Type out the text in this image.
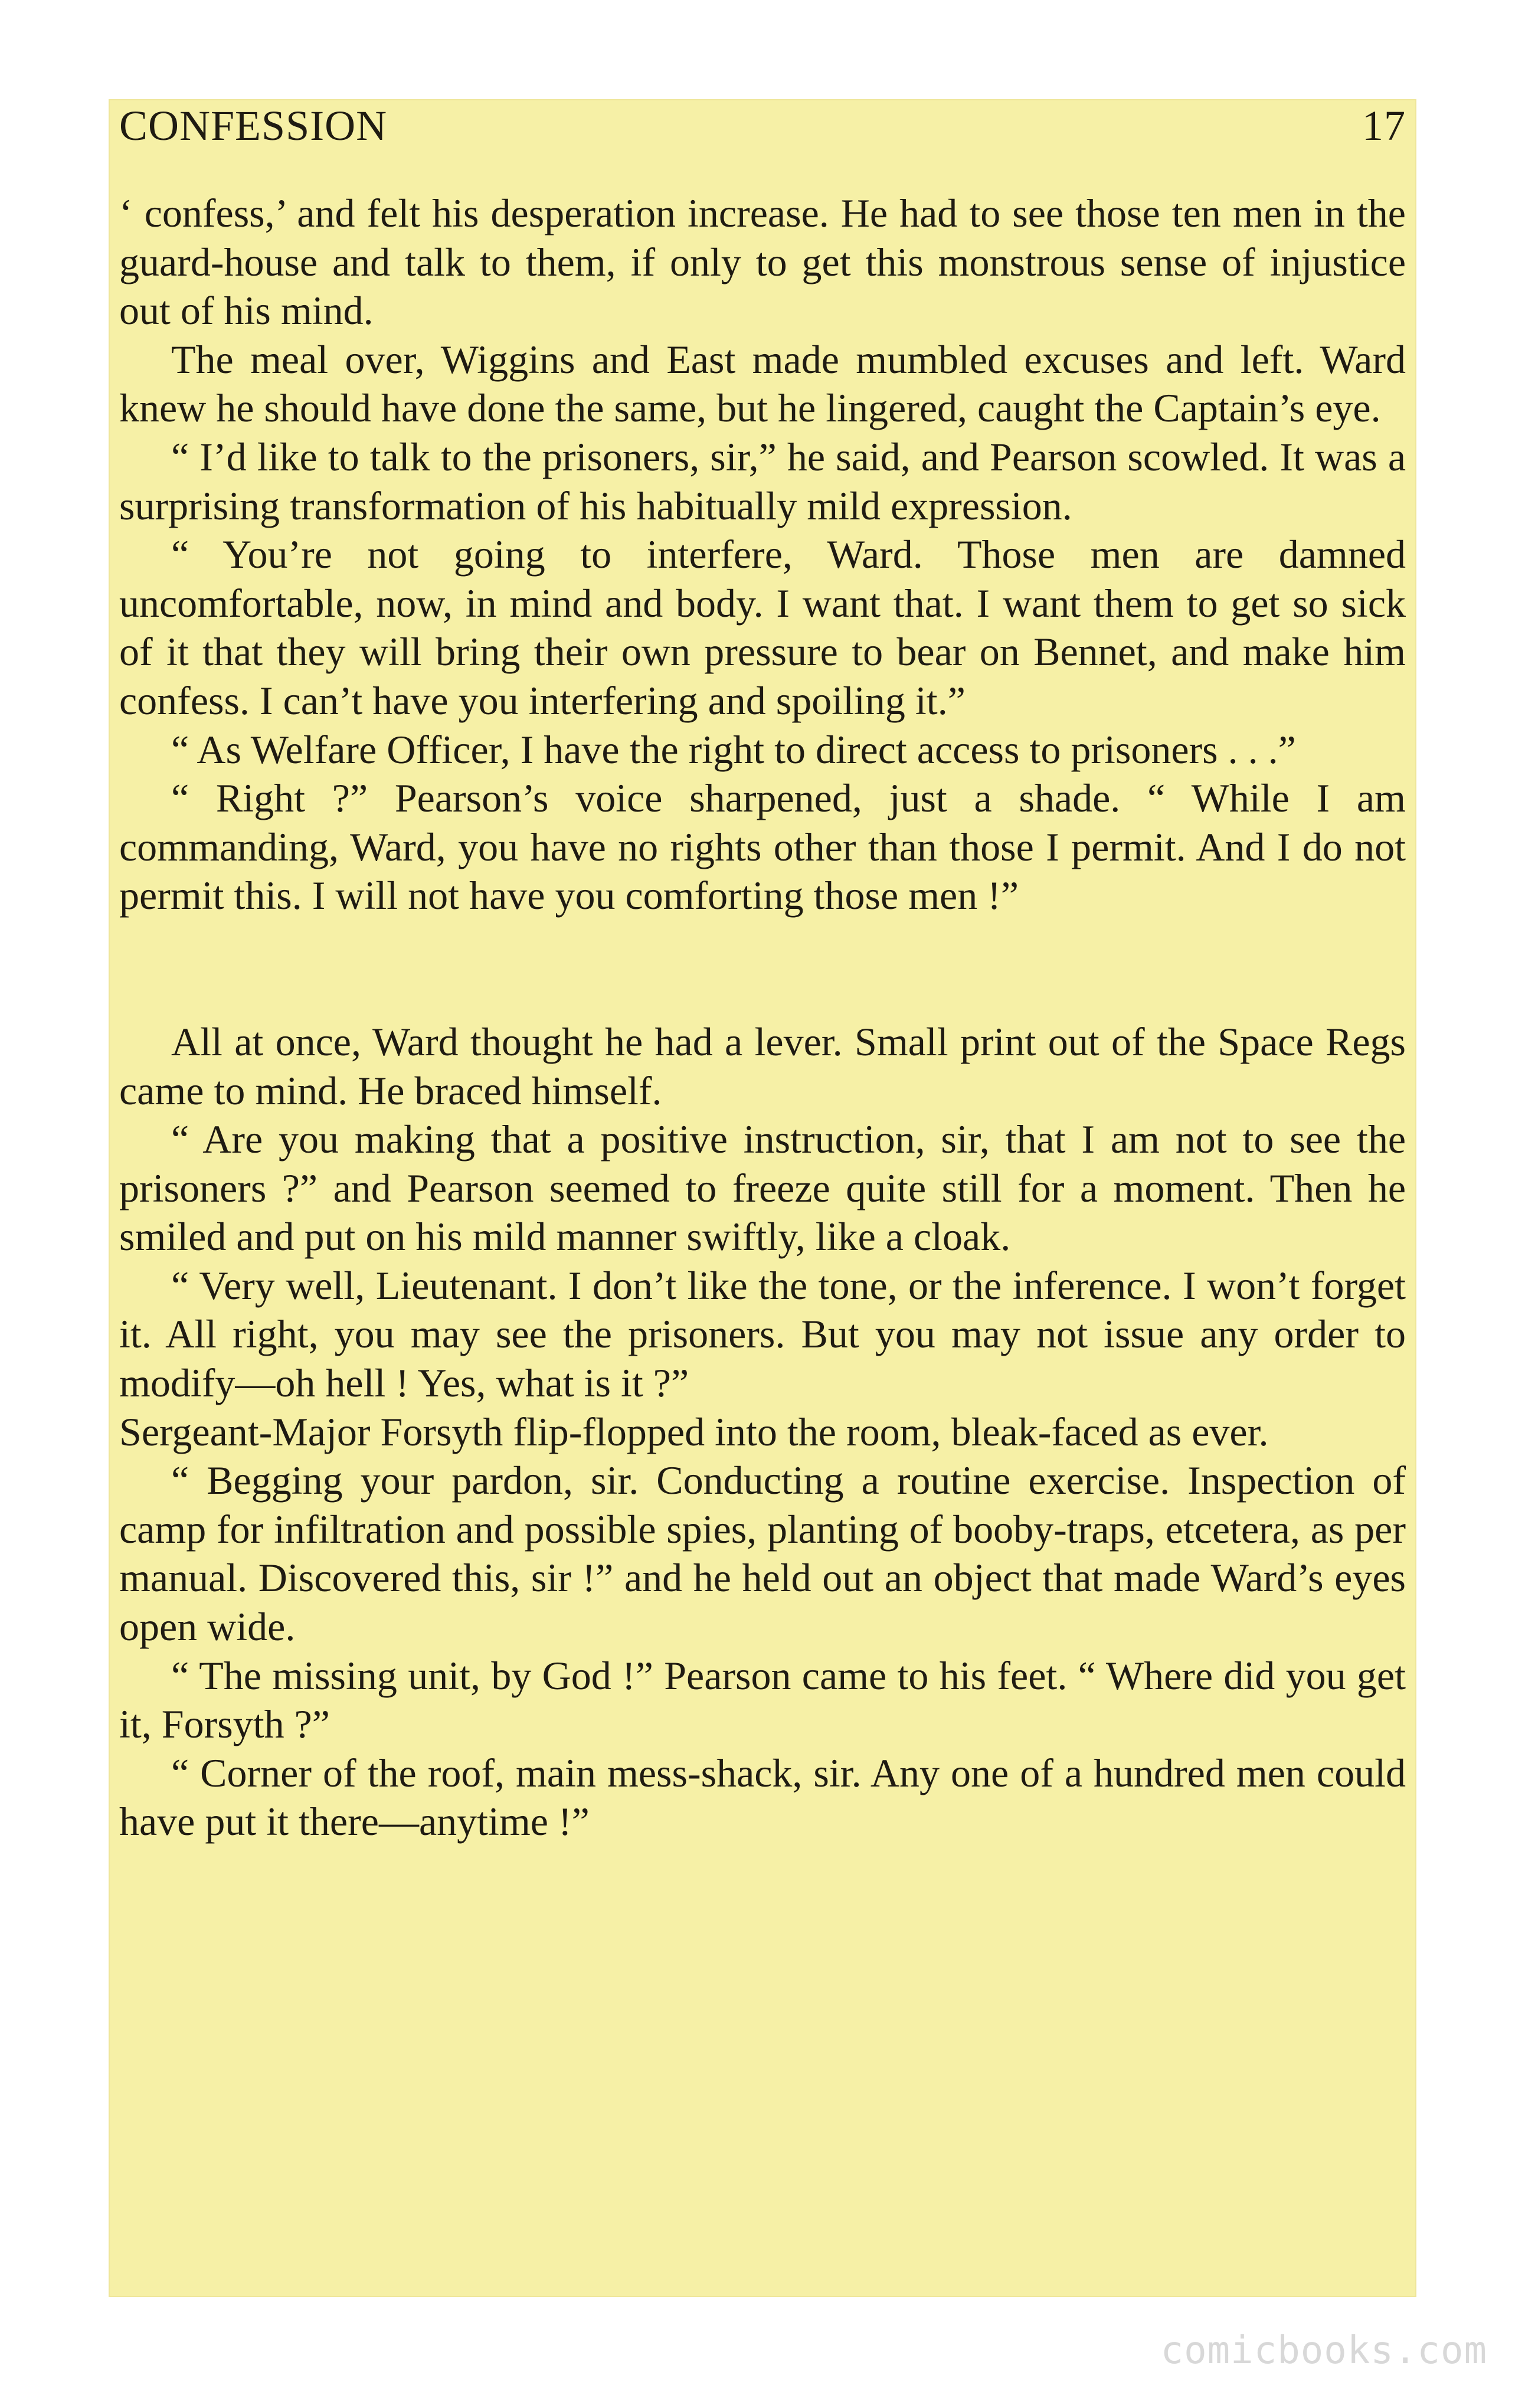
CONFESSION	17

‘ confess,’ and felt his desperation increase. He had to see those ten men in the guard-house and talk to them, if only to get this monstrous sense of injustice out of his mind.

The meal over, Wiggins and East made mumbled excuses and left. Ward knew he should have done the same, but he lingered, caught the Captain’s eye.

“ I’d like to talk to the prisoners, sir,” he said, and Pearson scowled. It was a surprising transformation of his habitually mild expression.

“ You’re not going to interfere, Ward. Those men are damned uncomfortable, now, in mind and body. I want that. I want them to get so sick of it that they will bring their own pressure to bear on Bennet, and make him confess. I can’t have you interfering and spoiling it.”

“ As Welfare Officer, I have the right to direct access to prisoners . . .”

“ Right ?” Pearson’s voice sharpened, just a shade. “ While I am commanding, Ward, you have no rights other than those I permit. And I do not permit this. I will not have you comforting those men !”

All at once, Ward thought he had a lever. Small print out of the Space Regs came to mind. He braced himself.

“ Are you making that a positive instruction, sir, that I am not to see the prisoners ?” and Pearson seemed to freeze quite still for a moment. Then he smiled and put on his mild manner swiftly, like a cloak.

“ Very well, Lieutenant. I don’t like the tone, or the inference. I won’t forget it. All right, you may see the prisoners. But you may not issue any order to modify—oh hell ! Yes, what is it ?”

Sergeant-Major Forsyth flip-flopped into the room, bleak-faced as ever.

“ Begging your pardon, sir. Conducting a routine exercise. Inspection of camp for infiltration and possible spies, planting of booby-traps, etcetera, as per manual. Discovered this, sir !” and he held out an object that made Ward’s eyes open wide.

“ The missing unit, by God !” Pearson came to his feet. “ Where did you get it, Forsyth ?”

“ Corner of the roof, main mess-shack, sir. Any one of a hundred men could have put it there—anytime !”

comicbooks.com
